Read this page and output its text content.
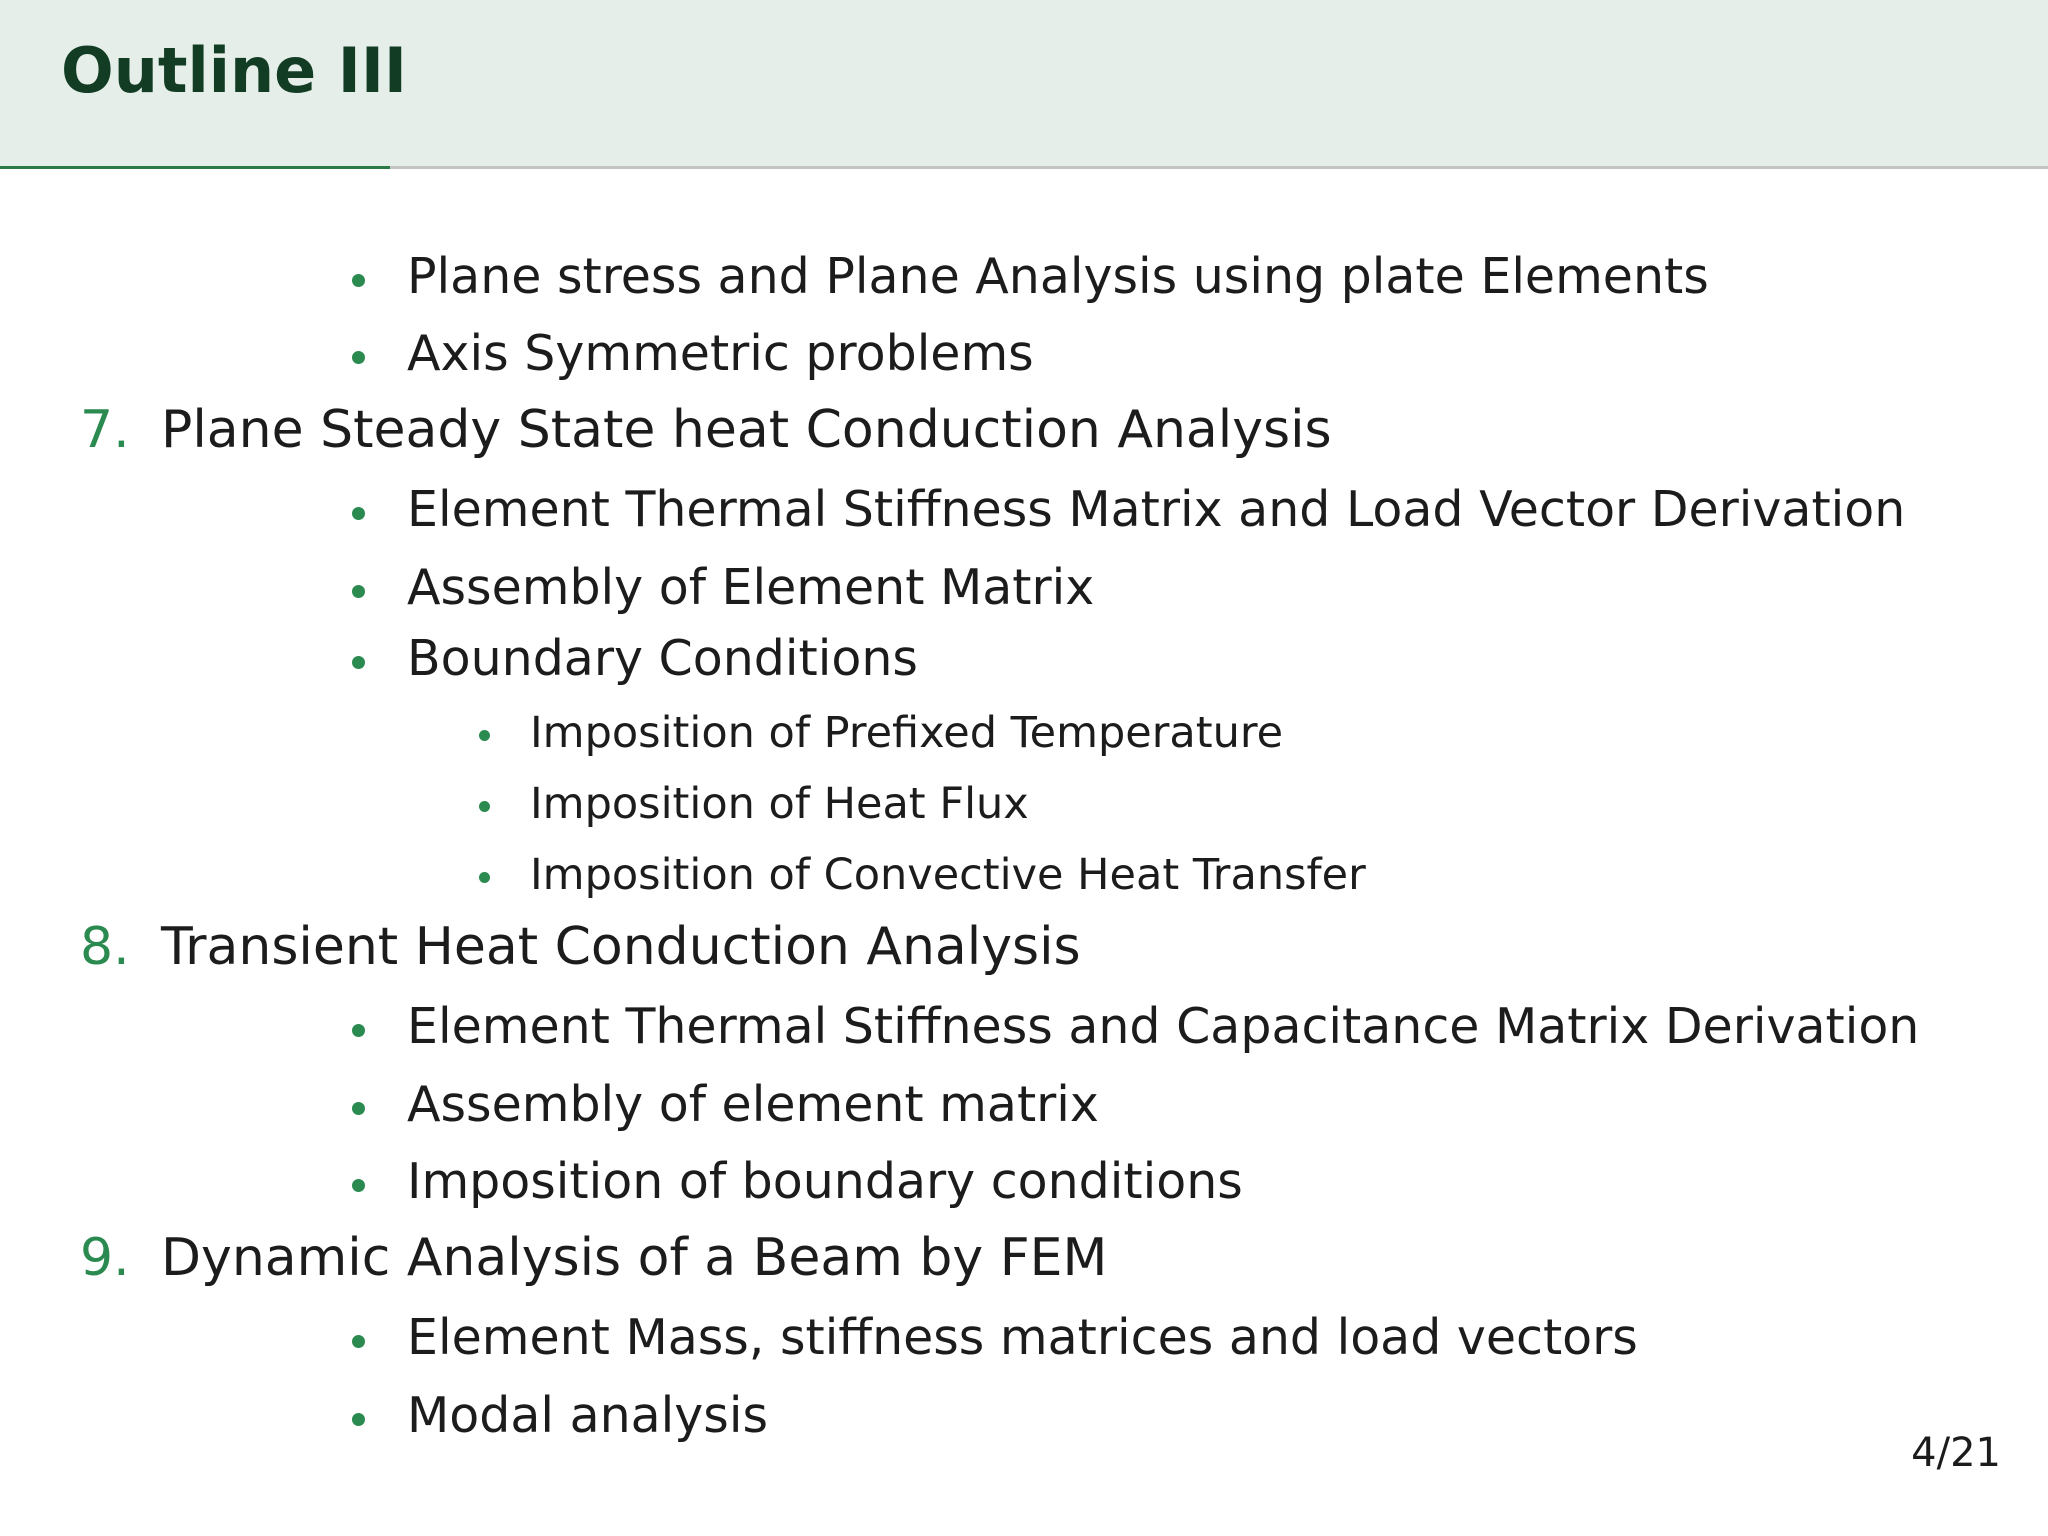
Outline III
Plane stress and Plane Analysis using plate Elements
Axis Symmetric problems
7. Plane Steady State heat Conduction Analysis
Element Thermal Stiffness Matrix and Load Vector Derivation
Assembly of Element Matrix
Boundary Conditions
Imposition of Prefixed Temperature
Imposition of Heat Flux
Imposition of Convective Heat Transfer
8. Transient Heat Conduction Analysis
Element Thermal Stiffness and Capacitance Matrix Derivation
Assembly of element matrix
Imposition of boundary conditions
9. Dynamic Analysis of a Beam by FEM
Element Mass, stiffness matrices and load vectors
Modal analysis
4/21
